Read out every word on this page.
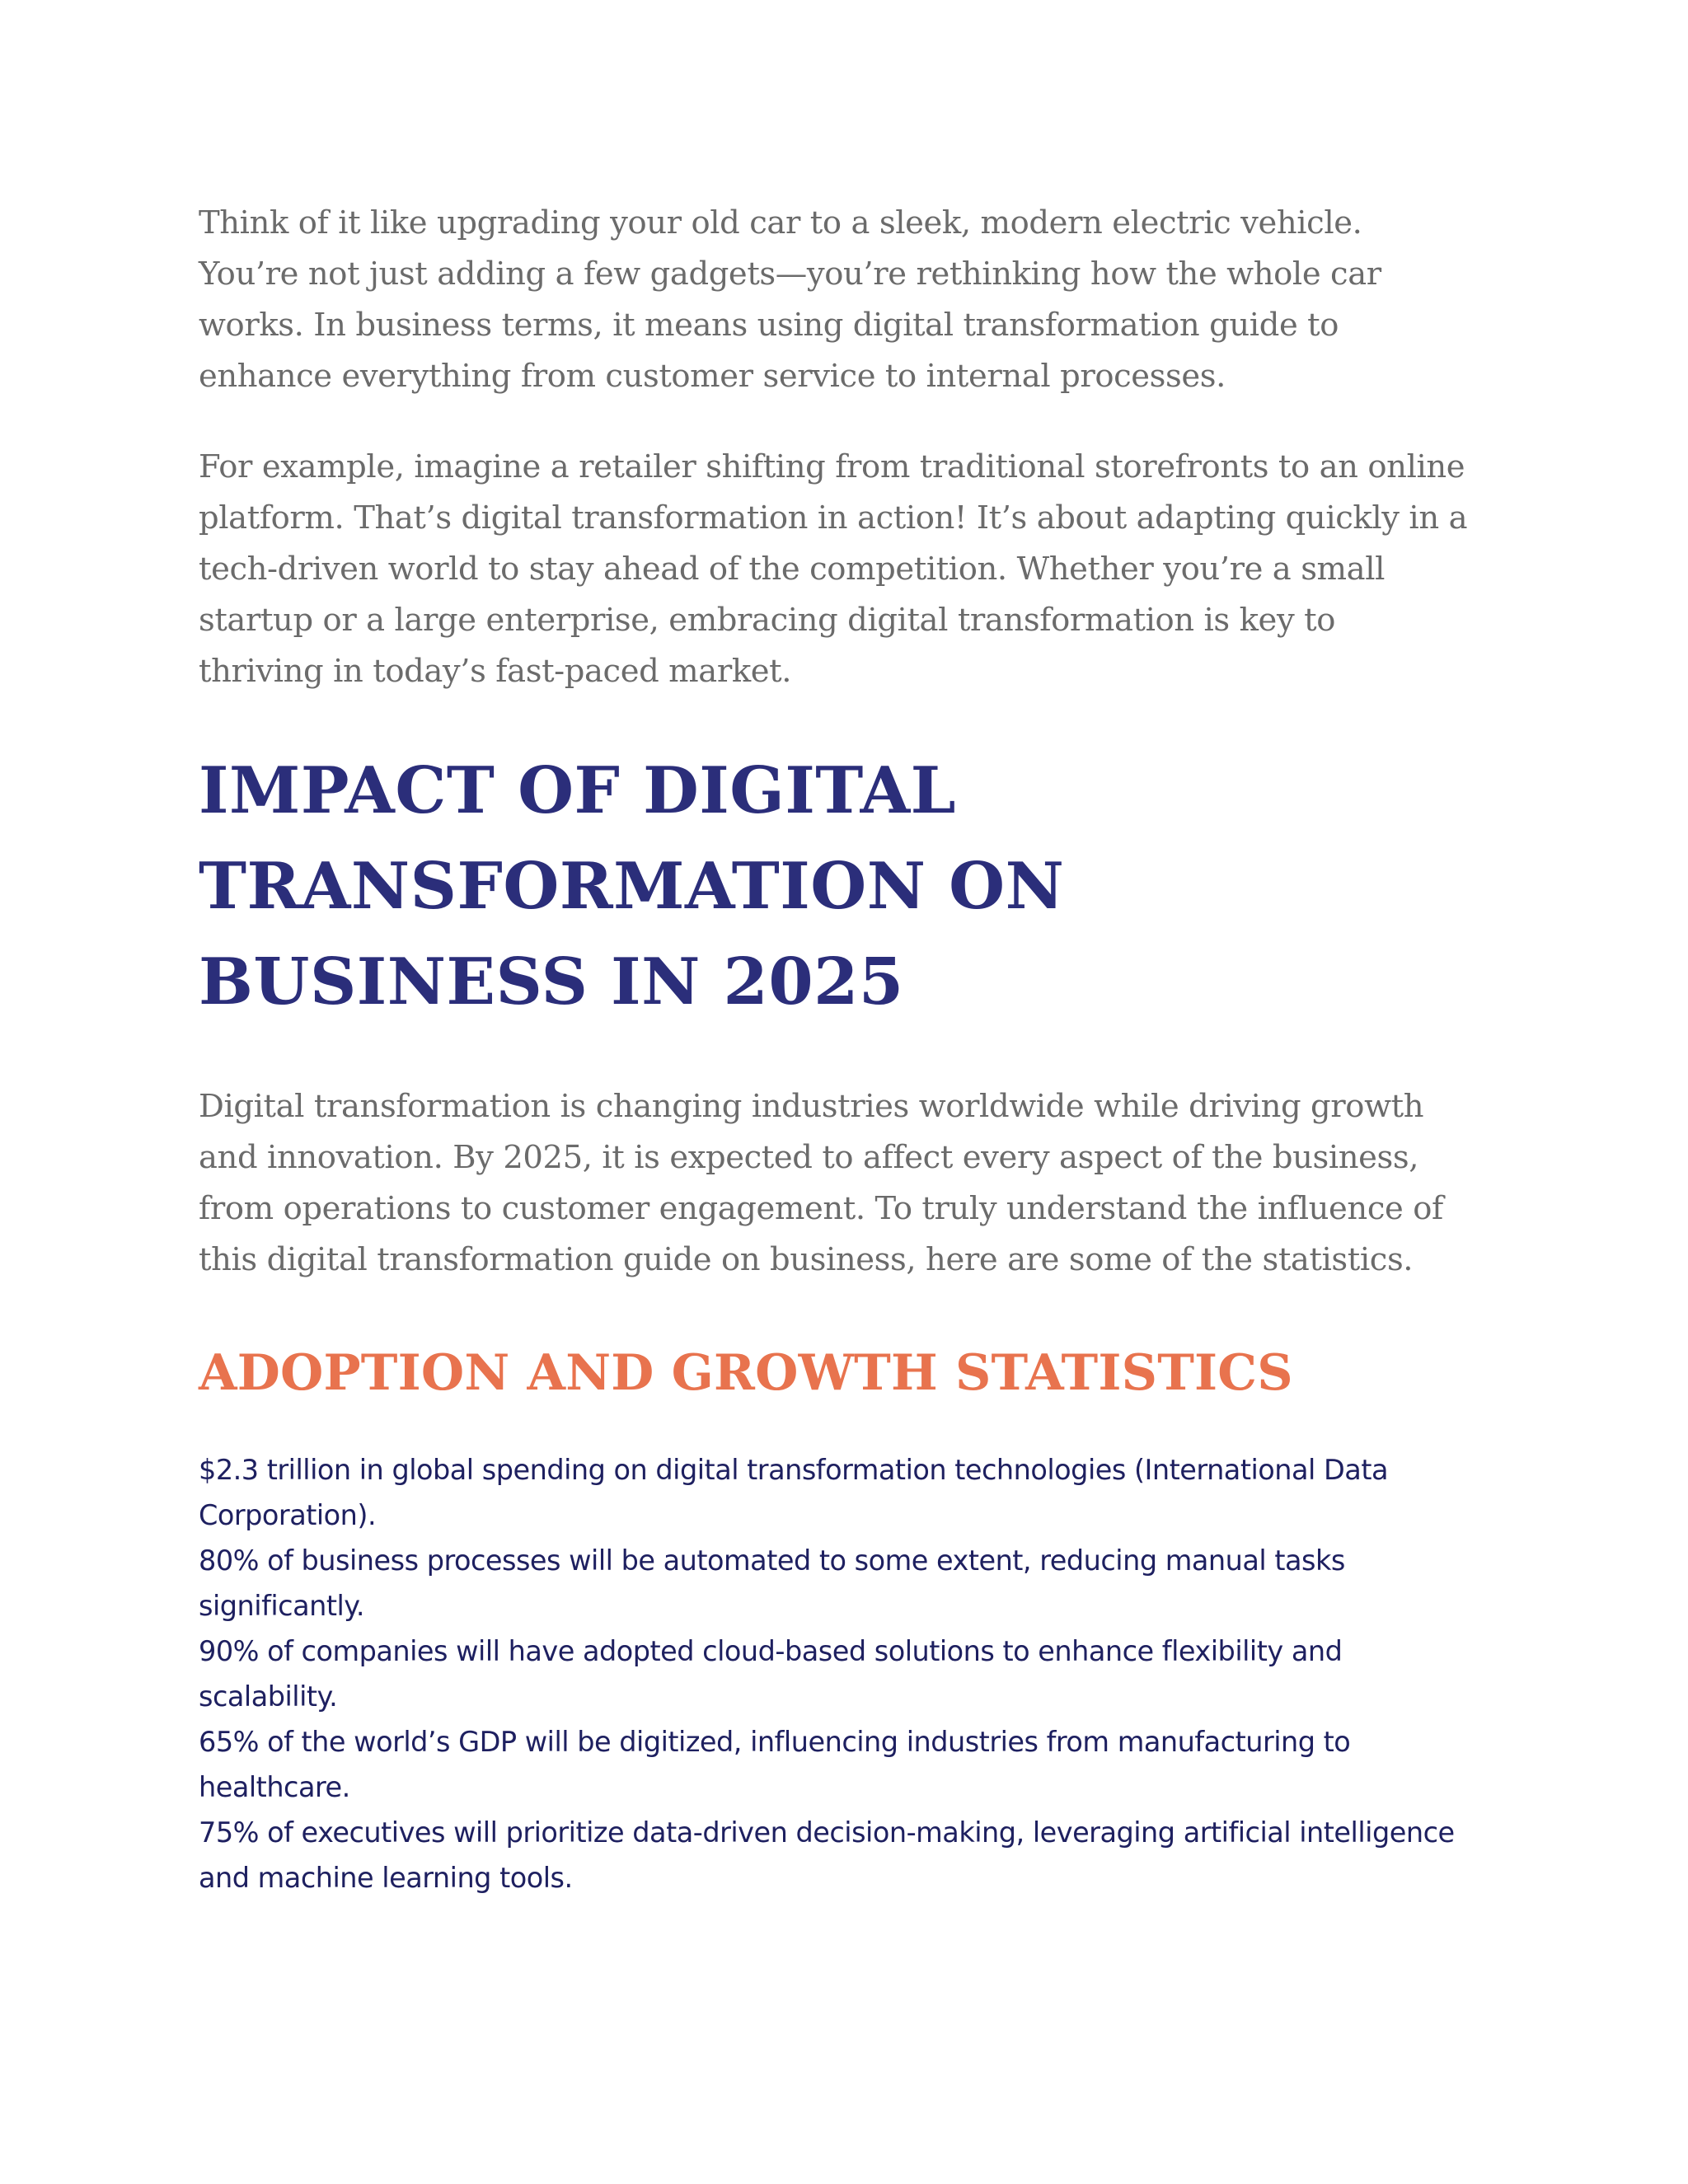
Think of it like upgrading your old car to a sleek, modern electric vehicle. You’re not just adding a few gadgets—you’re rethinking how the whole car works. In business terms, it means using digital transformation guide to enhance everything from customer service to internal processes.

For example, imagine a retailer shifting from traditional storefronts to an online platform. That’s digital transformation in action! It’s about adapting quickly in a tech-driven world to stay ahead of the competition. Whether you’re a small startup or a large enterprise, embracing digital transformation is key to thriving in today’s fast-paced market.

IMPACT OF DIGITAL TRANSFORMATION ON BUSINESS IN 2025

Digital transformation is changing industries worldwide while driving growth and innovation. By 2025, it is expected to affect every aspect of the business, from operations to customer engagement. To truly understand the influence of this digital transformation guide on business, here are some of the statistics.

ADOPTION AND GROWTH STATISTICS
$2.3 trillion in global spending on digital transformation technologies (International Data Corporation).
80% of business processes will be automated to some extent, reducing manual tasks significantly.
90% of companies will have adopted cloud-based solutions to enhance flexibility and scalability.
65% of the world’s GDP will be digitized, influencing industries from manufacturing to healthcare.
75% of executives will prioritize data-driven decision-making, leveraging artificial intelligence and machine learning tools.
